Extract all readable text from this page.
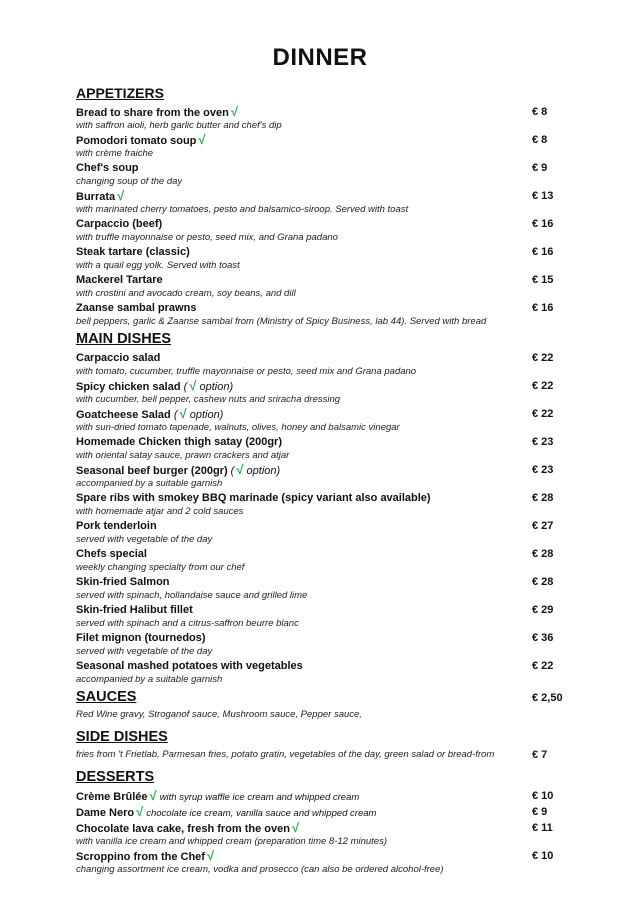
DINNER
APPETIZERS
Bread to share from the oven √	€ 8
with saffron aioli, herb garlic butter and chef's dip
Pomodori tomato soup √	€ 8
with crème fraiche
Chef's soup	€ 9
changing soup of the day
Burrata √	€ 13
with marinated cherry tomatoes, pesto and balsamico-siroop. Served with toast
Carpaccio (beef)	€ 16
with truffle mayonnaise or pesto, seed mix, and Grana padano
Steak tartare (classic)	€ 16
with a quail egg yolk. Served with toast
Mackerel Tartare	€ 15
with crostini and avocado cream, soy beans, and dill
Zaanse sambal prawns	€ 16
bell peppers, garlic & Zaanse sambal from (Ministry of Spicy Business, lab 44). Served with bread
MAIN DISHES
Carpaccio salad	€ 22
with tomato, cucumber, truffle mayonnaise or pesto, seed mix and Grana padano
Spicy chicken salad ( √ option)	€ 22
with cucumber, bell pepper, cashew nuts and sriracha dressing
Goatcheese Salad ( √ option)	€ 22
with sun-dried tomato tapenade, walnuts, olives, honey and balsamic vinegar
Homemade Chicken thigh satay (200gr)	€ 23
with oriental satay sauce, prawn crackers and atjar
Seasonal beef burger (200gr) ( √ option)	€ 23
accompanied by a suitable garnish
Spare ribs with smokey BBQ marinade (spicy variant also available)	€ 28
with homemade atjar and 2 cold sauces
Pork tenderloin	€ 27
served with vegetable of the day
Chefs special	€ 28
weekly changing specialty from our chef
Skin-fried Salmon	€ 28
served with spinach, hollandaise sauce and grilled lime
Skin-fried Halibut fillet	€ 29
served with spinach and a citrus-saffron beurre blanc
Filet mignon (tournedos)	€ 36
served with vegetable of the day
Seasonal mashed potatoes with vegetables	€ 22
accompanied by a suitable garnish
SAUCES	€ 2,50
Red Wine gravy, Stroganof sauce, Mushroom sauce, Pepper sauce,
SIDE DISHES
fries from 't Frietlab, Parmesan fries, potato gratin, vegetables of the day, green salad or bread-from	€ 7
DESSERTS
Crème Brûlée √ with syrup waffle ice cream and whipped cream	€ 10
Dame Nero √ chocolate ice cream, vanilla sauce and whipped cream	€ 9
Chocolate lava cake, fresh from the oven √	€ 11
with vanilla ice cream and whipped cream (preparation time 8-12 minutes)
Scroppino from the Chef √	€ 10
changing assortment ice cream, vodka and prosecco (can also be ordered alcohol-free)
